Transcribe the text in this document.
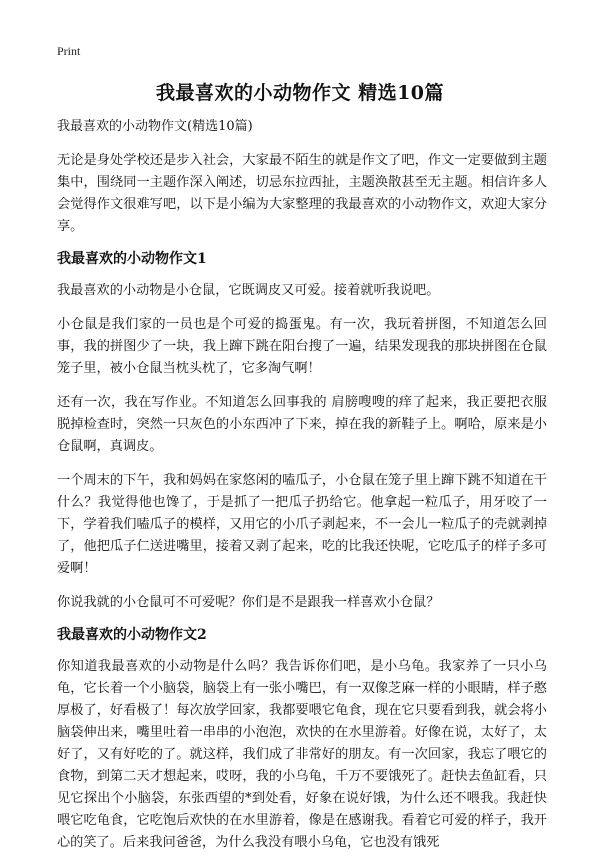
Print
我最喜欢的小动物作文 精选10篇
我最喜欢的小动物作文(精选10篇)

无论是身处学校还是步入社会，大家最不陌生的就是作文了吧，作文一定要做到主题集中，围绕同一主题作深入阐述，切忌东拉西扯，主题涣散甚至无主题。相信许多人会觉得作文很难写吧，以下是小编为大家整理的我最喜欢的小动物作文，欢迎大家分享。

我最喜欢的小动物作文1

我最喜欢的小动物是小仓鼠，它既调皮又可爱。接着就听我说吧。

小仓鼠是我们家的一员也是个可爱的捣蛋鬼。有一次，我玩着拼图，不知道怎么回事，我的拼图少了一块，我上蹿下跳在阳台搜了一遍，结果发现我的那块拼图在仓鼠笼子里，被小仓鼠当枕头枕了，它多淘气啊！

还有一次，我在写作业。不知道怎么回事我的 肩膀嗖嗖的痒了起来，我正要把衣服脱掉检查时，突然一只灰色的小东西冲了下来，掉在我的新鞋子上。啊哈，原来是小仓鼠啊，真调皮。

一个周末的下午，我和妈妈在家悠闲的嗑瓜子，小仓鼠在笼子里上蹿下跳不知道在干什么？我觉得他也馋了，于是抓了一把瓜子扔给它。他拿起一粒瓜子，用牙咬了一下，学着我们嗑瓜子的模样，又用它的小爪子剥起来，不一会儿一粒瓜子的壳就剥掉了，他把瓜子仁送进嘴里，接着又剥了起来，吃的比我还快呢，它吃瓜子的样子多可爱啊！

你说我就的小仓鼠可不可爱呢？你们是不是跟我一样喜欢小仓鼠？

我最喜欢的小动物作文2

你知道我最喜欢的小动物是什么吗？我告诉你们吧，是小乌龟。我家养了一只小乌龟，它长着一个小脑袋，脑袋上有一张小嘴巴，有一双像芝麻一样的小眼睛，样子憨厚极了，好看极了！每次放学回家，我都要喂它龟食，现在它只要看到我，就会将小脑袋伸出来，嘴里吐着一串串的小泡泡，欢快的在水里游着。好像在说，太好了，太好了，又有好吃的了。就这样，我们成了非常好的朋友。有一次回家，我忘了喂它的食物，到第二天才想起来，哎呀，我的小乌龟，千万不要饿死了。赶快去鱼缸看，只见它探出个小脑袋，东张西望的*到处看，好象在说好饿，为什么还不喂我。我赶快喂它吃龟食，它吃饱后欢快的在水里游着，像是在感谢我。看着它可爱的样子，我开心的笑了。后来我问爸爸，为什么我没有喂小乌龟，它也没有饿死
